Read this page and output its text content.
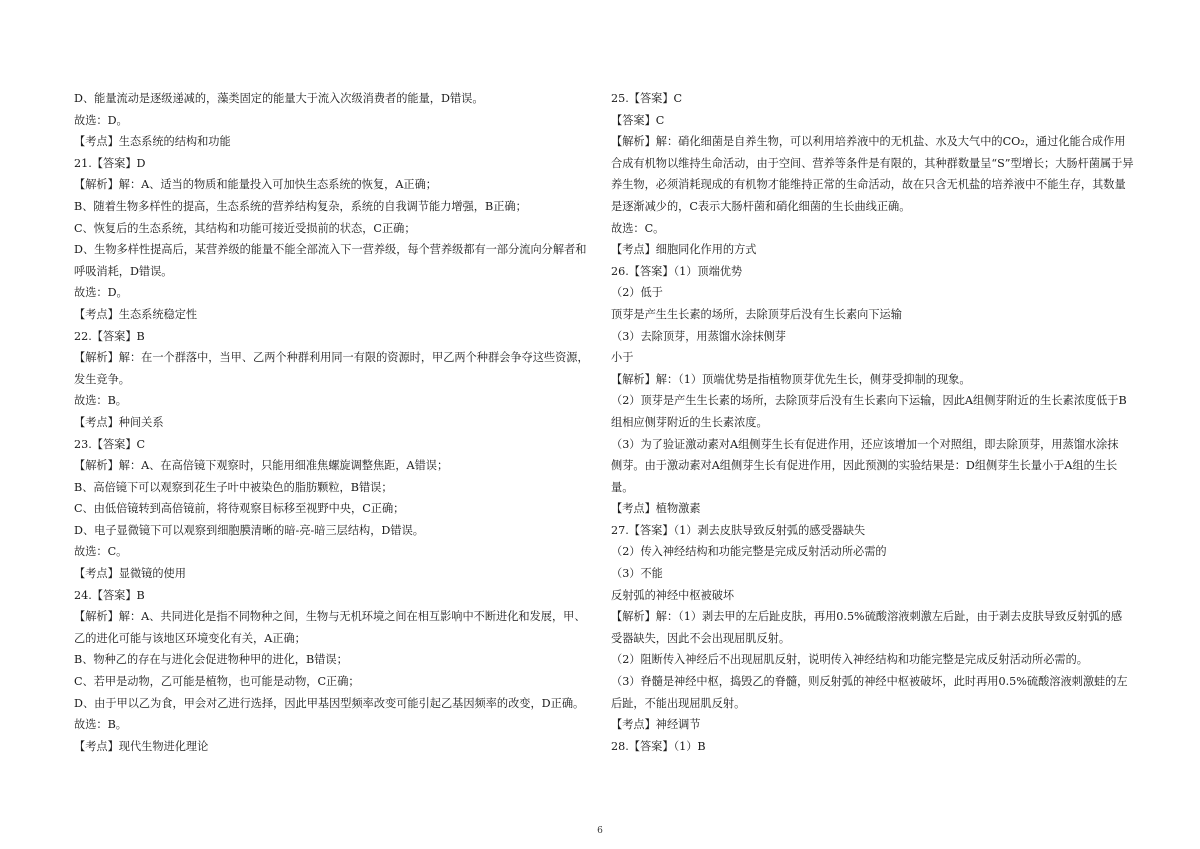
D、能量流动是逐级递减的，藻类固定的能量大于流入次级消费者的能量，D错误。
故选：D。
【考点】生态系统的结构和功能
21.【答案】D
【解析】解：A、适当的物质和能量投入可加快生态系统的恢复，A正确；
B、随着生物多样性的提高，生态系统的营养结构复杂，系统的自我调节能力增强，B正确；
C、恢复后的生态系统，其结构和功能可接近受损前的状态，C正确；
D、生物多样性提高后，某营养级的能量不能全部流入下一营养级，每个营养级都有一部分流向分解者和
呼吸消耗，D错误。
故选：D。
【考点】生态系统稳定性
22.【答案】B
【解析】解：在一个群落中，当甲、乙两个种群利用同一有限的资源时，甲乙两个种群会争夺这些资源，
发生竞争。
故选：B。
【考点】种间关系
23.【答案】C
【解析】解：A、在高倍镜下观察时，只能用细准焦螺旋调整焦距，A错误；
B、高倍镜下可以观察到花生子叶中被染色的脂肪颗粒，B错误；
C、由低倍镜转到高倍镜前，将待观察目标移至视野中央，C正确；
D、电子显微镜下可以观察到细胞膜清晰的暗-亮-暗三层结构，D错误。
故选：C。
【考点】显微镜的使用
24.【答案】B
【解析】解：A、共同进化是指不同物种之间，生物与无机环境之间在相互影响中不断进化和发展，甲、
乙的进化可能与该地区环境变化有关，A正确；
B、物种乙的存在与进化会促进物种甲的进化，B错误；
C、若甲是动物，乙可能是植物，也可能是动物，C正确；
D、由于甲以乙为食，甲会对乙进行选择，因此甲基因型频率改变可能引起乙基因频率的改变，D正确。
故选：B。
【考点】现代生物进化理论
25.【答案】C
【答案】C
【解析】解：硝化细菌是自养生物，可以利用培养液中的无机盐、水及大气中的CO₂，通过化能合成作用
合成有机物以维持生命活动，由于空间、营养等条件是有限的，其种群数量呈“S”型增长；大肠杆菌属于异
养生物，必须消耗现成的有机物才能维持正常的生命活动，故在只含无机盐的培养液中不能生存，其数量
是逐渐减少的，C表示大肠杆菌和硝化细菌的生长曲线正确。
故选：C。
【考点】细胞同化作用的方式
26.【答案】（1）顶端优势
（2）低于
顶芽是产生生长素的场所，去除顶芽后没有生长素向下运输
（3）去除顶芽，用蒸馏水涂抹侧芽
小于
【解析】解：（1）顶端优势是指植物顶芽优先生长，侧芽受抑制的现象。
（2）顶芽是产生生长素的场所，去除顶芽后没有生长素向下运输，因此A组侧芽附近的生长素浓度低于B
组相应侧芽附近的生长素浓度。
（3）为了验证激动素对A组侧芽生长有促进作用，还应该增加一个对照组，即去除顶芽，用蒸馏水涂抹
侧芽。由于激动素对A组侧芽生长有促进作用，因此预测的实验结果是：D组侧芽生长量小于A组的生长
量。
【考点】植物激素
27.【答案】（1）剥去皮肤导致反射弧的感受器缺失
（2）传入神经结构和功能完整是完成反射活动所必需的
（3）不能
反射弧的神经中枢被破坏
【解析】解：（1）剥去甲的左后趾皮肤，再用0.5%硫酸溶液刺激左后趾，由于剥去皮肤导致反射弧的感
受器缺失，因此不会出现屈肌反射。
（2）阻断传入神经后不出现屈肌反射，说明传入神经结构和功能完整是完成反射活动所必需的。
（3）脊髓是神经中枢，捣毁乙的脊髓，则反射弧的神经中枢被破坏，此时再用0.5%硫酸溶液刺激蛙的左
后趾，不能出现屈肌反射。
【考点】神经调节
28.【答案】（1）B
6
